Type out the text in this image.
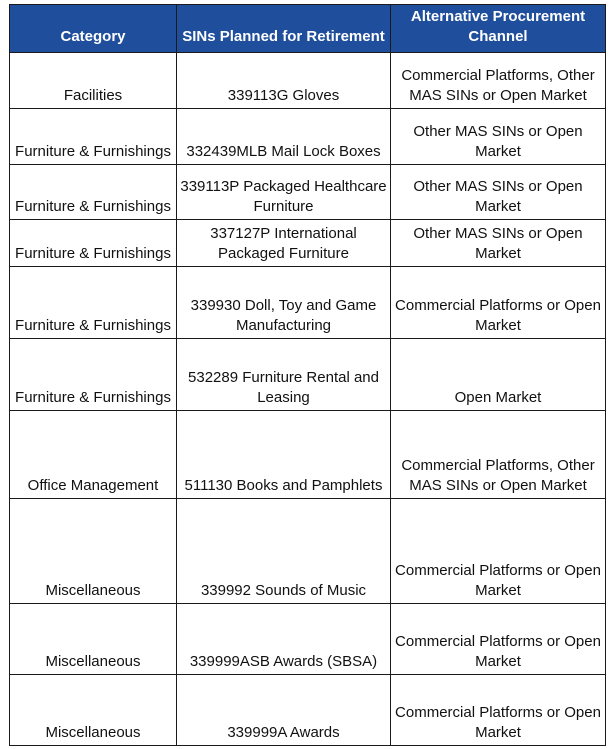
Category	SINs Planned for Retirement	Alternative Procurement Channel
Facilities	339113G Gloves	Commercial Platforms, Other MAS SINs or Open Market
Furniture & Furnishings	332439MLB Mail Lock Boxes	Other MAS SINs or Open Market
Furniture & Furnishings	339113P Packaged Healthcare Furniture	Other MAS SINs or Open Market
Furniture & Furnishings	337127P International Packaged Furniture	Other MAS SINs or Open Market
Furniture & Furnishings	339930 Doll, Toy and Game Manufacturing	Commercial Platforms or Open Market
Furniture & Furnishings	532289 Furniture Rental and Leasing	Open Market
Office Management	511130 Books and Pamphlets	Commercial Platforms, Other MAS SINs or Open Market
Miscellaneous	339992 Sounds of Music	Commercial Platforms or Open Market
Miscellaneous	339999ASB Awards (SBSA)	Commercial Platforms or Open Market
Miscellaneous	339999A Awards	Commercial Platforms or Open Market
